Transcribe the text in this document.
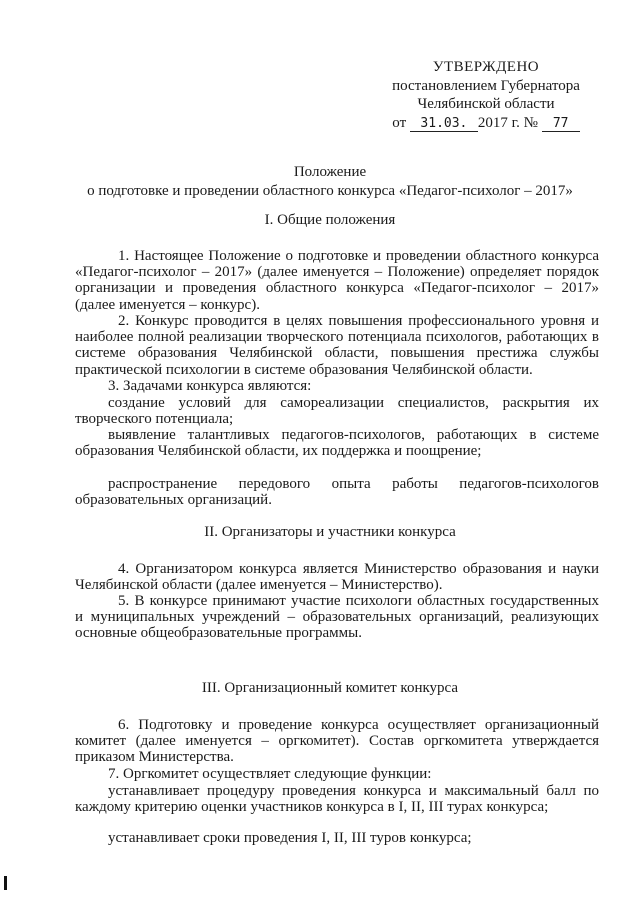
УТВЕРЖДЕНО
постановлением Губернатора
Челябинской области
от 31.03. 2017 г. № 77
Положение
о подготовке и проведении областного конкурса «Педагог-психолог – 2017»
I. Общие положения
1. Настоящее Положение о подготовке и проведении областного конкурса «Педагог-психолог – 2017» (далее именуется – Положение) определяет порядок организации и проведения областного конкурса «Педагог-психолог – 2017» (далее именуется – конкурс).
2. Конкурс проводится в целях повышения профессионального уровня и наиболее полной реализации творческого потенциала психологов, работающих в системе образования Челябинской области, повышения престижа службы практической психологии в системе образования Челябинской области.
3. Задачами конкурса являются:
создание условий для самореализации специалистов, раскрытия их творческого потенциала;
выявление талантливых педагогов-психологов, работающих в системе образования Челябинской области, их поддержка и поощрение;
распространение передового опыта работы педагогов-психологов образовательных организаций.
II. Организаторы и участники конкурса
4. Организатором конкурса является Министерство образования и науки Челябинской области (далее именуется – Министерство).
5. В конкурсе принимают участие психологи областных государственных и муниципальных учреждений – образовательных организаций, реализующих основные общеобразовательные программы.
III. Организационный комитет конкурса
6. Подготовку и проведение конкурса осуществляет организационный комитет (далее именуется – оргкомитет). Состав оргкомитета утверждается приказом Министерства.
7. Оргкомитет осуществляет следующие функции:
устанавливает процедуру проведения конкурса и максимальный балл по каждому критерию оценки участников конкурса в I, II, III турах конкурса;
устанавливает сроки проведения I, II, III туров конкурса;
